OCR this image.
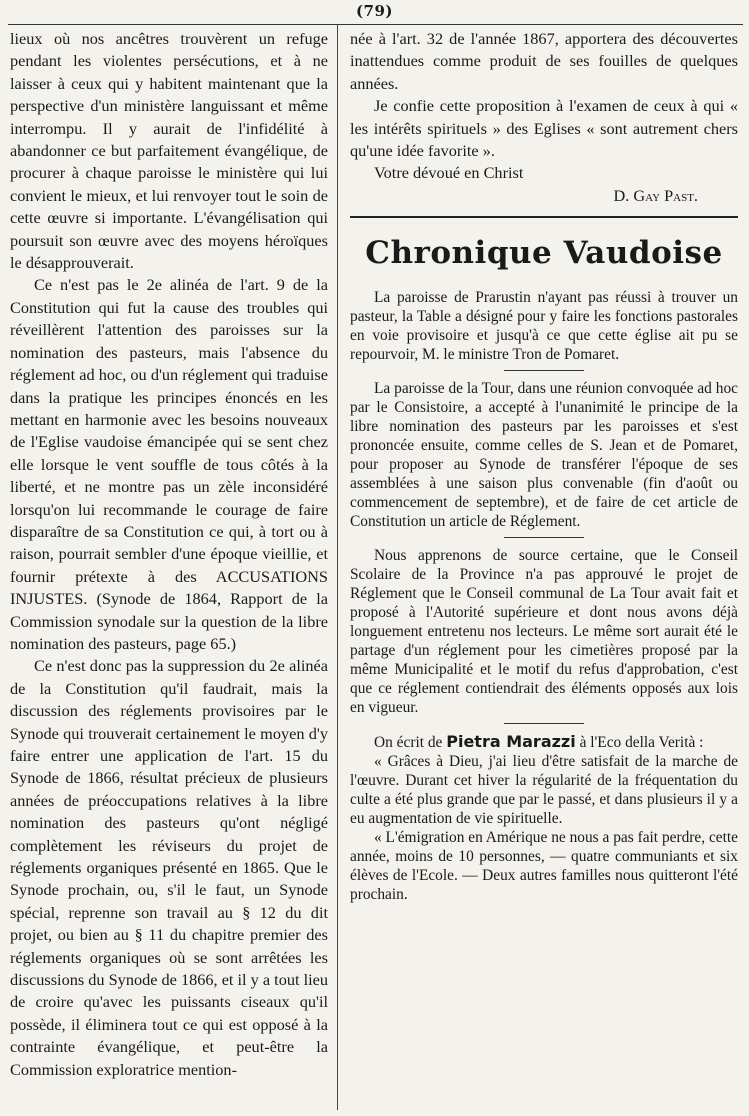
(79)

lieux où nos ancêtres trouvèrent un refuge pendant les violentes persécutions, et à ne laisser à ceux qui y habitent maintenant que la perspective d'un ministère languissant et même interrompu. Il y aurait de l'infidélité à abandonner ce but parfaitement évangélique, de procurer à chaque paroisse le ministère qui lui convient le mieux, et lui renvoyer tout le soin de cette œuvre si importante. L'évangélisation qui poursuit son œuvre avec des moyens héroïques le désapprouverait.

Ce n'est pas le 2e alinéa de l'art. 9 de la Constitution qui fut la cause des troubles qui réveillèrent l'attention des paroisses sur la nomination des pasteurs, mais l'absence du réglement ad hoc, ou d'un réglement qui traduise dans la pratique les principes énoncés en les mettant en harmonie avec les besoins nouveaux de l'Eglise vaudoise émancipée qui se sent chez elle lorsque le vent souffle de tous côtés à la liberté, et ne montre pas un zèle inconsidéré lorsqu'on lui recommande le courage de faire disparaître de sa Constitution ce qui, à tort ou à raison, pourrait sembler d'une époque vieillie, et fournir prétexte à des ACCUSATIONS INJUSTES. (Synode de 1864, Rapport de la Commission synodale sur la question de la libre nomination des pasteurs, page 65.)

Ce n'est donc pas la suppression du 2e alinéa de la Constitution qu'il faudrait, mais la discussion des réglements provisoires par le Synode qui trouverait certainement le moyen d'y faire entrer une application de l'art. 15 du Synode de 1866, résultat précieux de plusieurs années de préoccupations relatives à la libre nomination des pasteurs qu'ont négligé complètement les réviseurs du projet de réglements organiques présenté en 1865. Que le Synode prochain, ou, s'il le faut, un Synode spécial, reprenne son travail au § 12 du dit projet, ou bien au § 11 du chapitre premier des réglements organiques où se sont arrêtées les discussions du Synode de 1866, et il y a tout lieu de croire qu'avec les puissants ciseaux qu'il possède, il éliminera tout ce qui est opposé à la contrainte évangélique, et peut-être la Commission exploratrice mention-

née à l'art. 32 de l'année 1867, apportera des découvertes inattendues comme produit de ses fouilles de quelques années.

Je confie cette proposition à l'examen de ceux à qui « les intérêts spirituels » des Eglises « sont autrement chers qu'une idée favorite ».

Votre dévoué en Christ

D. Gay Past.

Chronique Vaudoise

La paroisse de Prarustin n'ayant pas réussi à trouver un pasteur, la Table a désigné pour y faire les fonctions pastorales en voie provisoire et jusqu'à ce que cette église ait pu se repourvoir, M. le ministre Tron de Pomaret.

La paroisse de la Tour, dans une réunion convoquée ad hoc par le Consistoire, a accepté à l'unanimité le principe de la libre nomination des pasteurs par les paroisses et s'est prononcée ensuite, comme celles de S. Jean et de Pomaret, pour proposer au Synode de transférer l'époque de ses assemblées à une saison plus convenable (fin d'août ou commencement de septembre), et de faire de cet article de Constitution un article de Réglement.

Nous apprenons de source certaine, que le Conseil Scolaire de la Province n'a pas approuvé le projet de Réglement que le Conseil communal de La Tour avait fait et proposé à l'Autorité supérieure et dont nous avons déjà longuement entretenu nos lecteurs. Le même sort aurait été le partage d'un réglement pour les cimetières proposé par la même Municipalité et le motif du refus d'approbation, c'est que ce réglement contiendrait des éléments opposés aux lois en vigueur.

On écrit de Pietra Marazzi à l'Eco della Verità :

« Grâces à Dieu, j'ai lieu d'être satisfait de la marche de l'œuvre. Durant cet hiver la régularité de la fréquentation du culte a été plus grande que par le passé, et dans plusieurs il y a eu augmentation de vie spirituelle.

« L'émigration en Amérique ne nous a pas fait perdre, cette année, moins de 10 personnes, — quatre communiants et six élèves de l'Ecole. — Deux autres familles nous quitteront l'été prochain.
